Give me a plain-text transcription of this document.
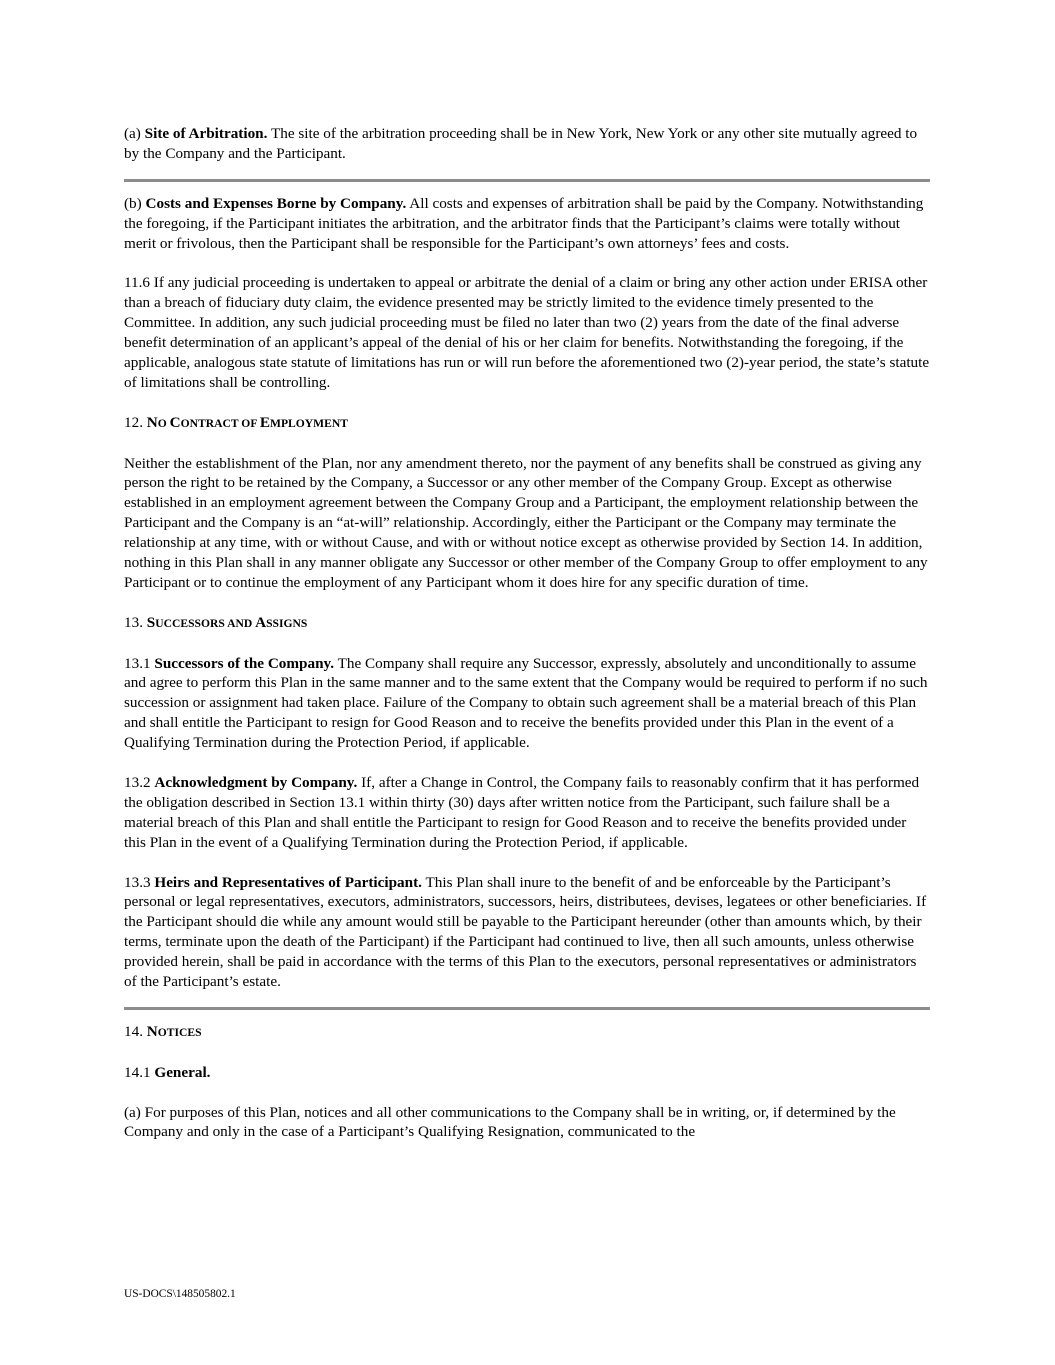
(a) Site of Arbitration. The site of the arbitration proceeding shall be in New York, New York or any other site mutually agreed to by the Company and the Participant.

(b) Costs and Expenses Borne by Company. All costs and expenses of arbitration shall be paid by the Company. Notwithstanding the foregoing, if the Participant initiates the arbitration, and the arbitrator finds that the Participant’s claims were totally without merit or frivolous, then the Participant shall be responsible for the Participant’s own attorneys’ fees and costs.

11.6 If any judicial proceeding is undertaken to appeal or arbitrate the denial of a claim or bring any other action under ERISA other than a breach of fiduciary duty claim, the evidence presented may be strictly limited to the evidence timely presented to the Committee. In addition, any such judicial proceeding must be filed no later than two (2) years from the date of the final adverse benefit determination of an applicant’s appeal of the denial of his or her claim for benefits. Notwithstanding the foregoing, if the applicable, analogous state statute of limitations has run or will run before the aforementioned two (2)-year period, the state’s statute of limitations shall be controlling.

12. NO CONTRACT OF EMPLOYMENT

Neither the establishment of the Plan, nor any amendment thereto, nor the payment of any benefits shall be construed as giving any person the right to be retained by the Company, a Successor or any other member of the Company Group. Except as otherwise established in an employment agreement between the Company Group and a Participant, the employment relationship between the Participant and the Company is an “at-will” relationship. Accordingly, either the Participant or the Company may terminate the relationship at any time, with or without Cause, and with or without notice except as otherwise provided by Section 14. In addition, nothing in this Plan shall in any manner obligate any Successor or other member of the Company Group to offer employment to any Participant or to continue the employment of any Participant whom it does hire for any specific duration of time.

13. SUCCESSORS AND ASSIGNS

13.1 Successors of the Company. The Company shall require any Successor, expressly, absolutely and unconditionally to assume and agree to perform this Plan in the same manner and to the same extent that the Company would be required to perform if no such succession or assignment had taken place. Failure of the Company to obtain such agreement shall be a material breach of this Plan and shall entitle the Participant to resign for Good Reason and to receive the benefits provided under this Plan in the event of a Qualifying Termination during the Protection Period, if applicable.

13.2 Acknowledgment by Company. If, after a Change in Control, the Company fails to reasonably confirm that it has performed the obligation described in Section 13.1 within thirty (30) days after written notice from the Participant, such failure shall be a material breach of this Plan and shall entitle the Participant to resign for Good Reason and to receive the benefits provided under this Plan in the event of a Qualifying Termination during the Protection Period, if applicable.

13.3 Heirs and Representatives of Participant. This Plan shall inure to the benefit of and be enforceable by the Participant’s personal or legal representatives, executors, administrators, successors, heirs, distributees, devises, legatees or other beneficiaries. If the Participant should die while any amount would still be payable to the Participant hereunder (other than amounts which, by their terms, terminate upon the death of the Participant) if the Participant had continued to live, then all such amounts, unless otherwise provided herein, shall be paid in accordance with the terms of this Plan to the executors, personal representatives or administrators of the Participant’s estate.

14. NOTICES

14.1 General.

(a) For purposes of this Plan, notices and all other communications to the Company shall be in writing, or, if determined by the Company and only in the case of a Participant’s Qualifying Resignation, communicated to the

US-DOCS\148505802.1
